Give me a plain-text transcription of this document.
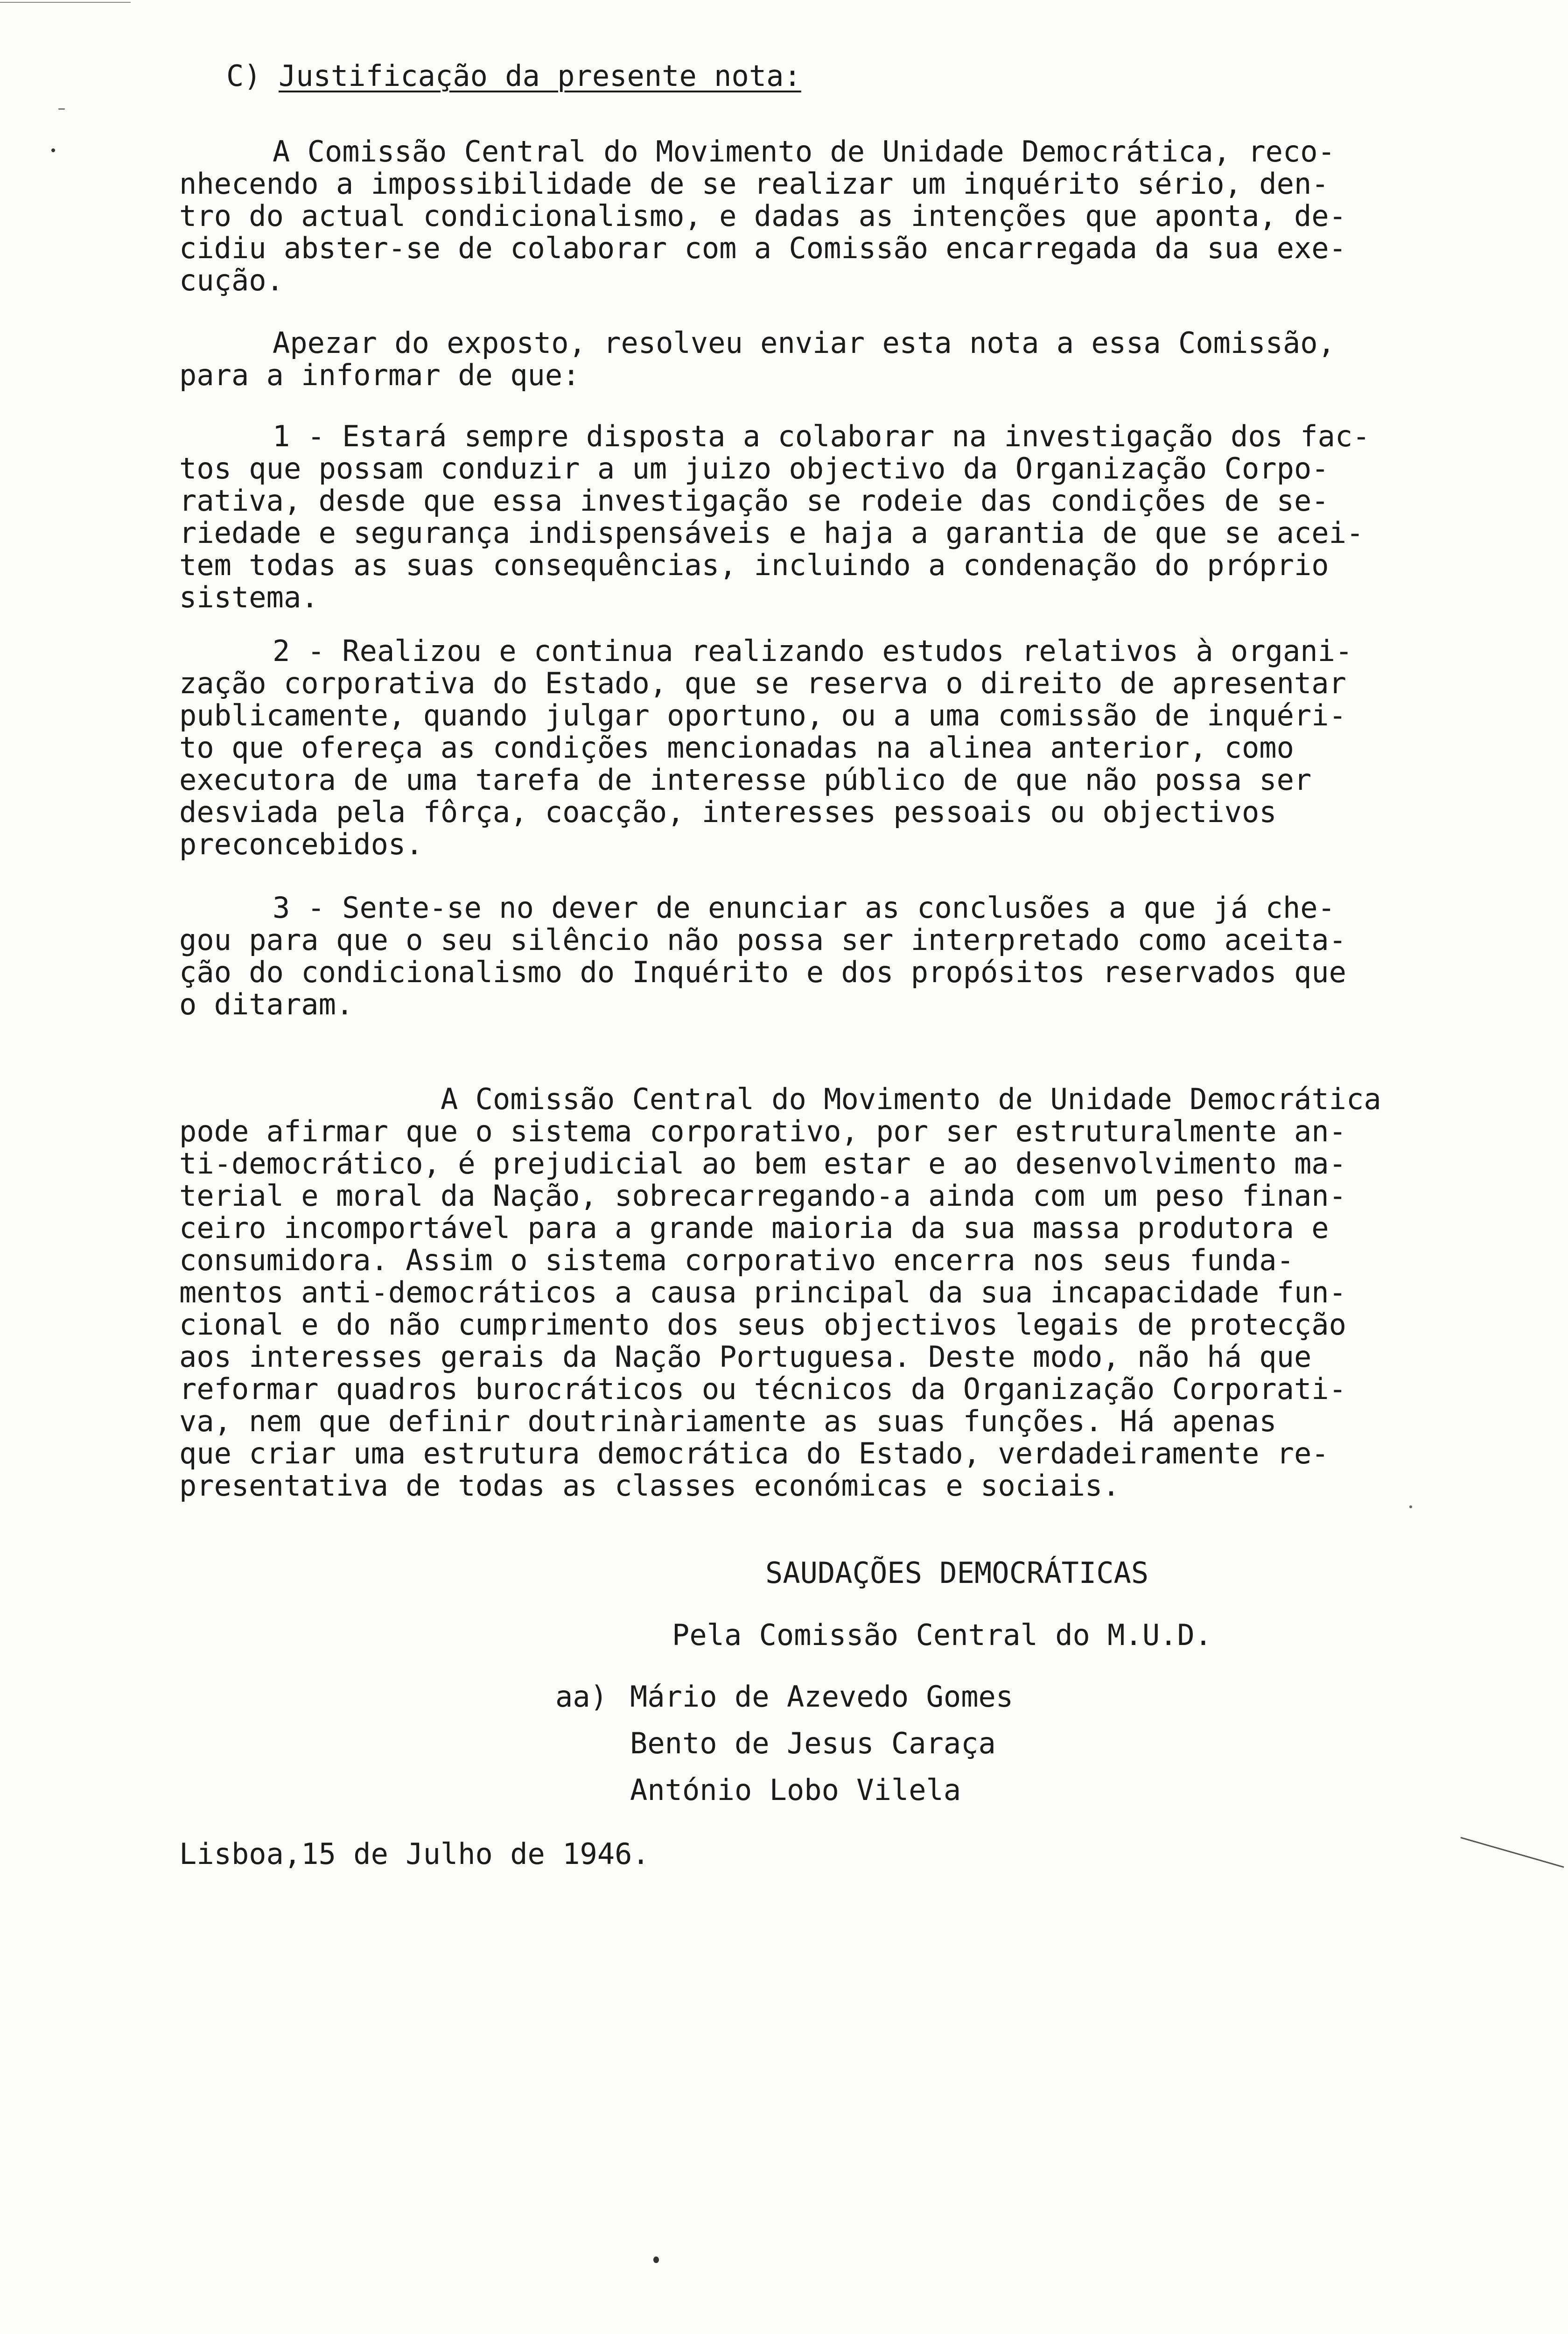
C) Justificação da presente nota:
A Comissão Central do Movimento de Unidade Democrática, reco-
nhecendo a impossibilidade de se realizar um inquérito sério, den-
tro do actual condicionalismo, e dadas as intenções que aponta, de-
cidiu abster-se de colaborar com a Comissão encarregada da sua exe-
cução.
Apezar do exposto, resolveu enviar esta nota a essa Comissão,
para a informar de que:
1 - Estará sempre disposta a colaborar na investigação dos fac-
tos que possam conduzir a um juizo objectivo da Organização Corpo-
rativa, desde que essa investigação se rodeie das condições de se-
riedade e segurança indispensáveis e haja a garantia de que se acei-
tem todas as suas consequências, incluindo a condenação do próprio
sistema.
2 - Realizou e continua realizando estudos relativos à organi-
zação corporativa do Estado, que se reserva o direito de apresentar
publicamente, quando julgar oportuno, ou a uma comissão de inquéri-
to que ofereça as condições mencionadas na alinea anterior, como
executora de uma tarefa de interesse público de que não possa ser
desviada pela fôrça, coacção, interesses pessoais ou objectivos
preconcebidos.
3 - Sente-se no dever de enunciar as conclusões a que já che-
gou para que o seu silêncio não possa ser interpretado como aceita-
ção do condicionalismo do Inquérito e dos propósitos reservados que
o ditaram.
A Comissão Central do Movimento de Unidade Democrática
pode afirmar que o sistema corporativo, por ser estruturalmente an-
ti-democrático, é prejudicial ao bem estar e ao desenvolvimento ma-
terial e moral da Nação, sobrecarregando-a ainda com um peso finan-
ceiro incomportável para a grande maioria da sua massa produtora e
consumidora. Assim o sistema corporativo encerra nos seus funda-
mentos anti-democráticos a causa principal da sua incapacidade fun-
cional e do não cumprimento dos seus objectivos legais de protecção
aos interesses gerais da Nação Portuguesa. Deste modo, não há que
reformar quadros burocráticos ou técnicos da Organização Corporati-
va, nem que definir doutrinàriamente as suas funções. Há apenas
que criar uma estrutura democrática do Estado, verdadeiramente re-
presentativa de todas as classes económicas e sociais.
SAUDAÇÕES DEMOCRÁTICAS
Pela Comissão Central do M.U.D.
aa) Mário de Azevedo Gomes
Bento de Jesus Caraça
António Lobo Vilela
Lisboa,15 de Julho de 1946.
